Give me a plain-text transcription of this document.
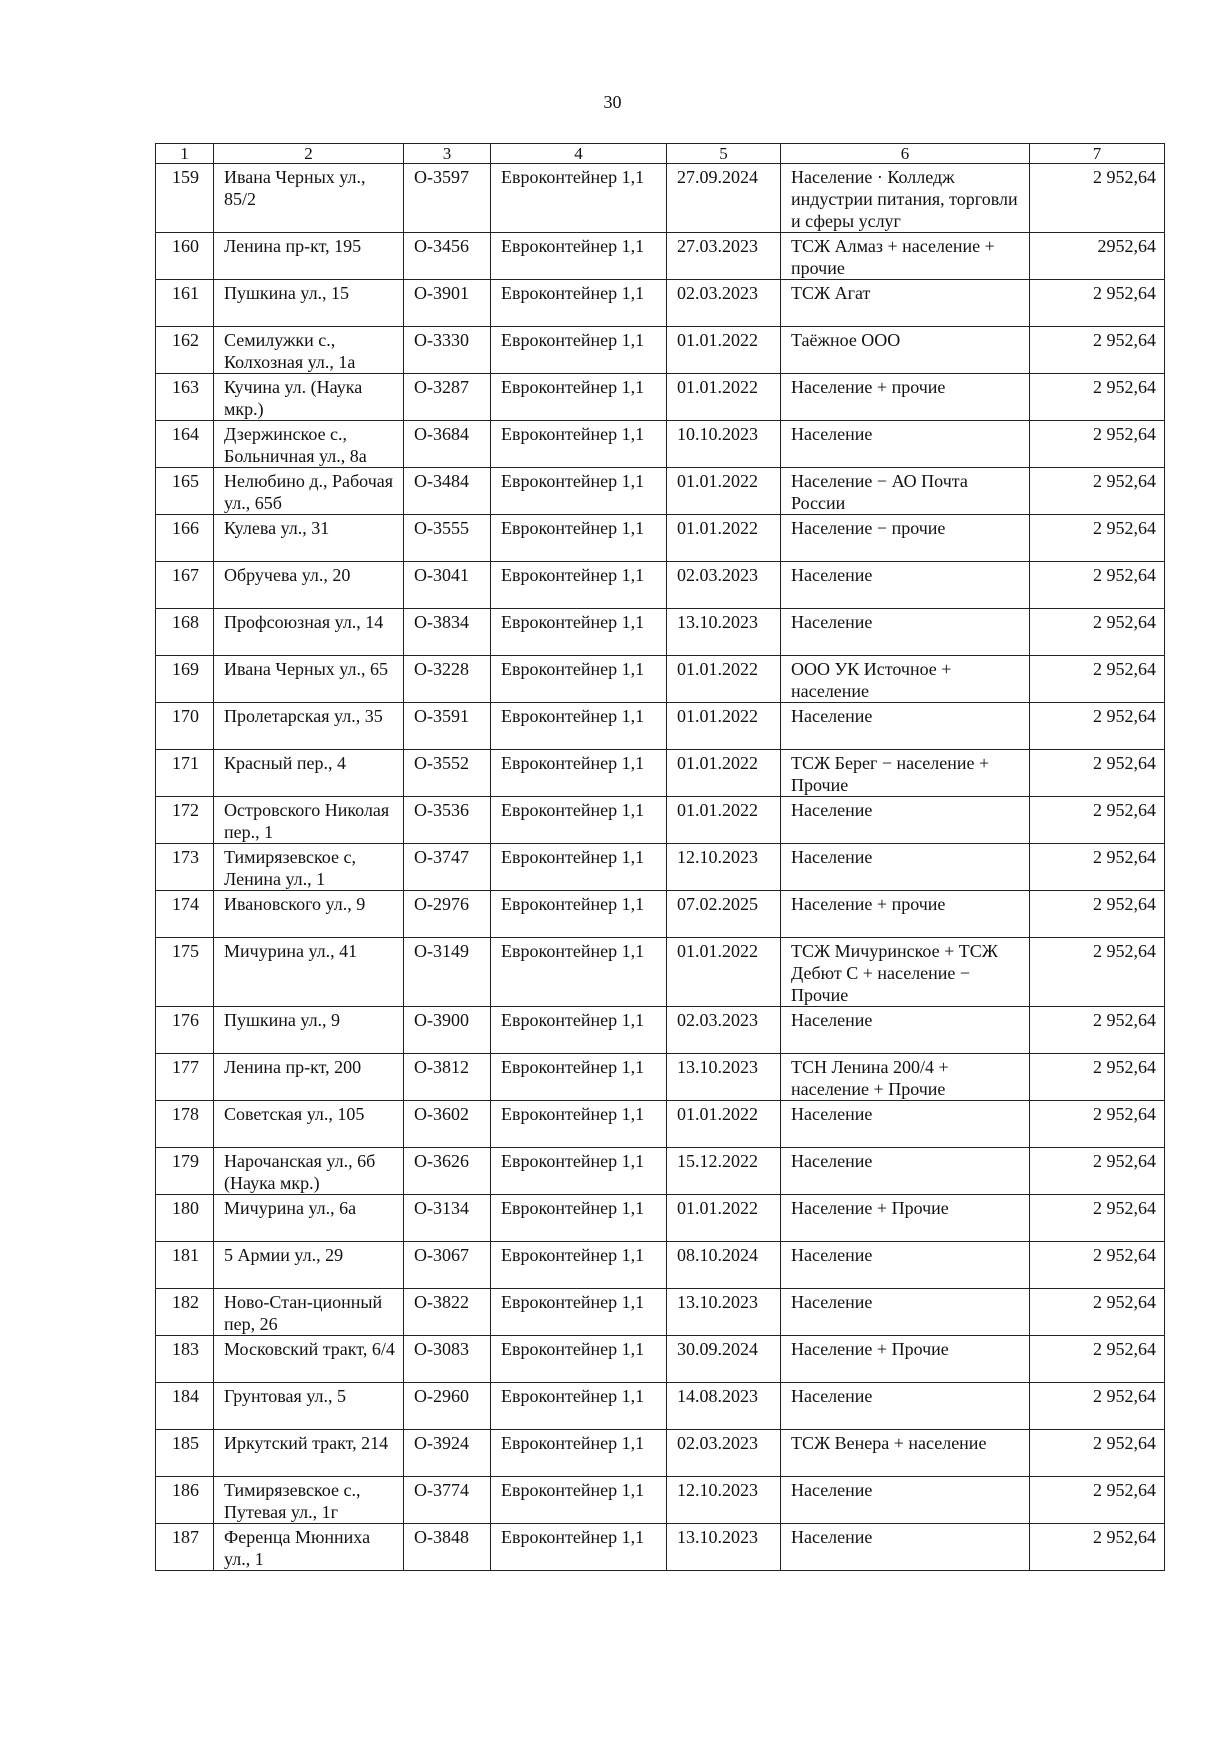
30
1	2	3	4	5	6	7
159	Ивана Черных ул., 85/2	О-3597	Евроконтейнер 1,1	27.09.2024	Население · Колледж индустрии питания, торговли и сферы услуг	2 952,64
160	Ленина пр-кт, 195	О-3456	Евроконтейнер 1,1	27.03.2023	ТСЖ Алмаз + население + прочие	2952,64
161	Пушкина ул., 15	О-3901	Евроконтейнер 1,1	02.03.2023	ТСЖ Агат	2 952,64
162	Семилужки с., Колхозная ул., 1а	О-3330	Евроконтейнер 1,1	01.01.2022	Таёжное ООО	2 952,64
163	Кучина ул. (Наука мкр.)	О-3287	Евроконтейнер 1,1	01.01.2022	Население + прочие	2 952,64
164	Дзержинское с., Больничная ул., 8а	О-3684	Евроконтейнер 1,1	10.10.2023	Население	2 952,64
165	Нелюбино д., Рабочая ул., 65б	О-3484	Евроконтейнер 1,1	01.01.2022	Население − АО Почта России	2 952,64
166	Кулева ул., 31	О-3555	Евроконтейнер 1,1	01.01.2022	Население − прочие	2 952,64
167	Обручева ул., 20	О-3041	Евроконтейнер 1,1	02.03.2023	Население	2 952,64
168	Профсоюзная ул., 14	О-3834	Евроконтейнер 1,1	13.10.2023	Население	2 952,64
169	Ивана Черных ул., 65	О-3228	Евроконтейнер 1,1	01.01.2022	ООО УК Источное + население	2 952,64
170	Пролетарская ул., 35	О-3591	Евроконтейнер 1,1	01.01.2022	Население	2 952,64
171	Красный пер., 4	О-3552	Евроконтейнер 1,1	01.01.2022	ТСЖ Берег − население + Прочие	2 952,64
172	Островского Николая пер., 1	О-3536	Евроконтейнер 1,1	01.01.2022	Население	2 952,64
173	Тимирязевское с, Ленина ул., 1	О-3747	Евроконтейнер 1,1	12.10.2023	Население	2 952,64
174	Ивановского ул., 9	О-2976	Евроконтейнер 1,1	07.02.2025	Население + прочие	2 952,64
175	Мичурина ул., 41	О-3149	Евроконтейнер 1,1	01.01.2022	ТСЖ Мичуринское + ТСЖ Дебют С + население − Прочие	2 952,64
176	Пушкина ул., 9	О-3900	Евроконтейнер 1,1	02.03.2023	Население	2 952,64
177	Ленина пр-кт, 200	О-3812	Евроконтейнер 1,1	13.10.2023	ТСН Ленина 200/4 + население + Прочие	2 952,64
178	Советская ул., 105	О-3602	Евроконтейнер 1,1	01.01.2022	Население	2 952,64
179	Нарочанская ул., 6б (Наука мкр.)	О-3626	Евроконтейнер 1,1	15.12.2022	Население	2 952,64
180	Мичурина ул., 6а	О-3134	Евроконтейнер 1,1	01.01.2022	Население + Прочие	2 952,64
181	5 Армии ул., 29	О-3067	Евроконтейнер 1,1	08.10.2024	Население	2 952,64
182	Ново-Стан-ционный пер, 26	О-3822	Евроконтейнер 1,1	13.10.2023	Население	2 952,64
183	Московский тракт, 6/4	О-3083	Евроконтейнер 1,1	30.09.2024	Население + Прочие	2 952,64
184	Грунтовая ул., 5	О-2960	Евроконтейнер 1,1	14.08.2023	Население	2 952,64
185	Иркутский тракт, 214	О-3924	Евроконтейнер 1,1	02.03.2023	ТСЖ Венера + население	2 952,64
186	Тимирязевское с., Путевая ул., 1г	О-3774	Евроконтейнер 1,1	12.10.2023	Население	2 952,64
187	Ференца Мюнниха ул., 1	О-3848	Евроконтейнер 1,1	13.10.2023	Население	2 952,64
